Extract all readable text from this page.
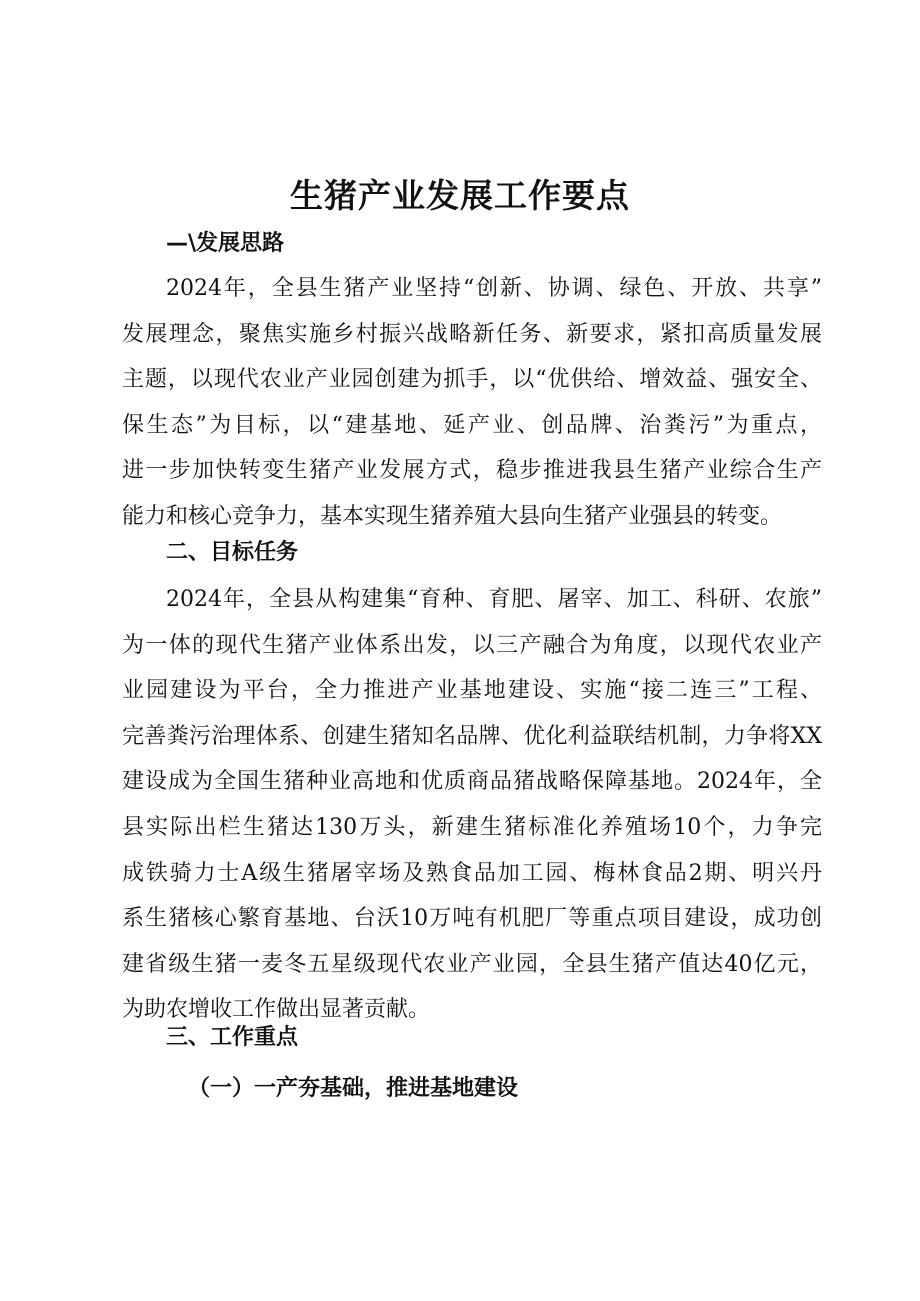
生猪产业发展工作要点
—\发展思路
2024年，全县生猪产业坚持“创新、协调、绿色、开放、共享”
发展理念，聚焦实施乡村振兴战略新任务、新要求，紧扣高质量发展
主题，以现代农业产业园创建为抓手，以“优供给、增效益、强安全、
保生态”为目标，以“建基地、延产业、创品牌、治粪污”为重点，
进一步加快转变生猪产业发展方式，稳步推进我县生猪产业综合生产
能力和核心竞争力，基本实现生猪养殖大县向生猪产业强县的转变。
二、目标任务
2024年，全县从构建集“育种、育肥、屠宰、加工、科研、农旅”
为一体的现代生猪产业体系出发，以三产融合为角度，以现代农业产
业园建设为平台，全力推进产业基地建设、实施“接二连三”工程、
完善粪污治理体系、创建生猪知名品牌、优化利益联结机制，力争将XX
建设成为全国生猪种业高地和优质商品猪战略保障基地。2024年，全
县实际出栏生猪达130万头，新建生猪标准化养殖场10个，力争完
成铁骑力士A级生猪屠宰场及熟食品加工园、梅林食品2期、明兴丹
系生猪核心繁育基地、台沃10万吨有机肥厂等重点项目建设，成功创
建省级生猪一麦冬五星级现代农业产业园，全县生猪产值达40亿元，
为助农增收工作做出显著贡献。
三、工作重点
（一）一产夯基础，推进基地建设
